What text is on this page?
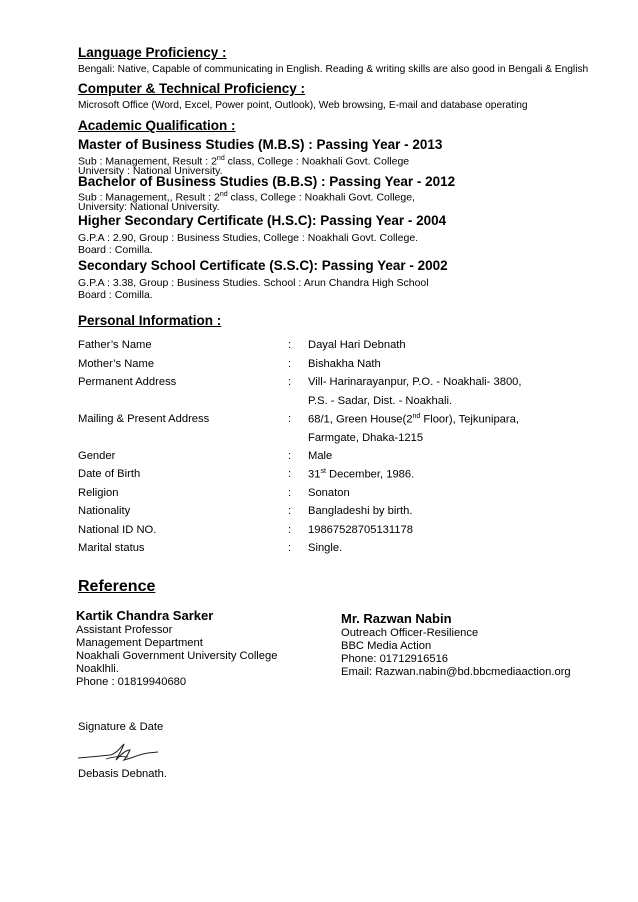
Language Proficiency :
Bengali: Native, Capable of communicating in English. Reading & writing skills are also good in Bengali & English
Computer & Technical Proficiency :
Microsoft Office (Word, Excel, Power point, Outlook), Web browsing, E-mail and database operating
Academic Qualification :
Master of Business Studies (M.B.S) : Passing Year - 2013
Sub : Management, Result : 2nd class, College : Noakhali Govt. College
University : National University.
Bachelor of Business Studies (B.B.S) : Passing Year - 2012
Sub : Management,, Result : 2nd class, College : Noakhali Govt. College,
University: National University.
Higher Secondary Certificate (H.S.C): Passing Year - 2004
G.P.A : 2.90, Group : Business Studies, College : Noakhali Govt. College.
Board : Comilla.
Secondary School Certificate (S.S.C): Passing Year - 2002
G.P.A : 3.38, Group : Business Studies. School : Arun Chandra High School
Board : Comilla.
Personal Information :
Father’s Name	: Dayal Hari Debnath
Mother’s Name	: Bishakha Nath
Permanent Address	: Vill- Harinarayanpur, P.O. - Noakhali- 3800,
P.S. - Sadar, Dist. - Noakhali.
Mailing & Present Address	: 68/1, Green House(2nd Floor), Tejkunipara,
Farmgate, Dhaka-1215
Gender	: Male
Date of Birth	: 31st December, 1986.
Religion	: Sonaton
Nationality	: Bangladeshi by birth.
National ID NO.	: 19867528705131178
Marital status	: Single.
Reference
Kartik Chandra Sarker
Assistant Professor
Management Department
Noakhali Government University College
Noaklhli.
Phone : 01819940680
Mr. Razwan Nabin
Outreach Officer-Resilience
BBC Media Action
Phone: 01712916516
Email: Razwan.nabin@bd.bbcmediaaction.org
Signature & Date
Debasis Debnath.
